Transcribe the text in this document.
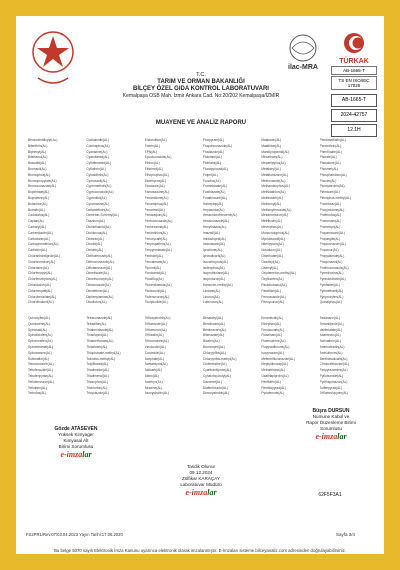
ilac-MRA
TÜRKAK
AB-1665-T
TS EN ISO/IEC 17025
AB-1665-T
2024-42757
12.1H
T.C.
TARIM VE ORMAN BAKANLIĞI
BİLÇEY ÖZEL GIDA KONTROL LABORATUVARI
Kemalpaşa OSB Mah. İzmir Ankara Cad. No:20/202 Kemalpaşa/İZMİR
MUAYENE VE ANALİZ RAPORU
Benzovindiflupyr(AL)
Bifenthrin(AL)
Biphenyl(AL)
Bitertanol(AL)
Boscalid(AL)
Bromacil(AL)
Bromophos(AL)
Bromopropylate(AL)
Bromuconazole(AL)
Bupirimate(AL)
Buprofezin(AL)
Butachlor(AL)
Butralin(AL)
Cadusafos(AL)
Captan(AL)
Carbaryl(AL)
Carbendazim(AL)
Carbofuran(AL)
Carbophenothion(AL)
Carboxin(AL)
Chlorantraniliprole(AL)
Chlorbromuron(AL)
Chlordane(AL)
Chlorfenapyr(AL)
Chlorfenvinphos(AL)
Chloridazon(AL)
Chlormequat(AL)
Chlorobenzilate(AL)
Chlorothalonil(AL)
Clothianidin(AL)
Coumaphos(AL)
Cyanazine(AL)
Cyazofamid(AL)
Cyflufenamid(AL)
Cyfluthrin(AL)
Cyhalothrin(AL)
Cymoxanil(AL)
Cypermethrin(AL)
Cyproconazole(AL)
Cyprodinil(AL)
Cyromazine(AL)
Deltamethrin(AL)
Demeton-S-methyl(AL)
Diazinon(AL)
Dichlofluanid(AL)
Dichlorvos(AL)
Dicloran(AL)
Dicofol(AL)
Dieldrin(AL)
Diethofencarb(AL)
Difenoconazole(AL)
Diflubenzuron(AL)
Dimethoate(AL)
Dimethomorph(AL)
Diniconazole(AL)
Dinotefuran(AL)
Diphenylamine(AL)
Disulfoton(AL)
Endosulfan(AL)
Endrin(AL)
EPN(AL)
Epoxiconazole(AL)
Ethion(AL)
Ethirimol(AL)
Ethoprophos(AL)
Etofenprox(AL)
Etoxazole(AL)
Famoxadone(AL)
Fenamidone(AL)
Fenamiphos(AL)
Fenarimol(AL)
Fenazaquin(AL)
Fenbuconazole(AL)
Fenhexamid(AL)
Fenitrothion(AL)
Fenoxycarb(AL)
Fenpropathrin(AL)
Fenpyroximate(AL)
Fenthion(AL)
Fenvalerate(AL)
Fipronil(AL)
Flonicamid(AL)
Fluazifop(AL)
Flubendiamide(AL)
Fludioxonil(AL)
Flufenoxuron(AL)
Fluopicolide(AL)
Fluopyram(AL)
Fluquinconazole(AL)
Flusilazole(AL)
Flutolanil(AL)
Flutriafol(AL)
Fluxapyroxad(AL)
Folpet(AL)
Fonofos(AL)
Formetanate(AL)
Fosthiazate(AL)
Furathiocarb(AL)
Haloxyfop(AL)
Heptachlor(AL)
Hexachlorobenzene(AL)
Hexaconazole(AL)
Hexythiazox(AL)
Imazalil(AL)
Imidacloprid(AL)
Indoxacarb(AL)
Iprodione(AL)
Iprovalicarb(AL)
Isocarbophos(AL)
Isofenphos(AL)
Isoprothiolane(AL)
Isoproturon(AL)
Kresoxim-methyl(AL)
Lindane(AL)
Linuron(AL)
Lufenuron(AL)
Malaoxon(AL)
Malathion(AL)
Mandipropamid(AL)
Mecarbam(AL)
Mepanipyrim(AL)
Metalaxyl(AL)
Metaflumizone(AL)
Metconazole(AL)
Methamidophos(AL)
Methidathion(AL)
Methiocarb(AL)
Methomyl(AL)
Methoxyfenozide(AL)
Metobromuron(AL)
Metribuzin(AL)
Mevinphos(AL)
Monocrotophos(AL)
Myclobutanil(AL)
Nitenpyram(AL)
Novaluron(AL)
Omethoate(AL)
Oxadixyl(AL)
Oxamyl(AL)
Oxydemeton-methyl(AL)
Oxyfluorfen(AL)
Paclobutrazol(AL)
Parathion(AL)
Penconazole(AL)
Pencycuron(AL)
Pendimethalin(AL)
Permethrin(AL)
Phenthoate(AL)
Phorate(AL)
Phosalone(AL)
Phosmet(AL)
Phosphamidon(AL)
Phoxim(AL)
Picoxystrobin(AL)
Pirimicarb(AL)
Pirimiphos-methyl(AL)
Prochloraz(AL)
Procymidone(AL)
Profenofos(AL)
Promecarb(AL)
Prometryn(AL)
Propamocarb(AL)
Propargite(AL)
Propiconazole(AL)
Propoxur(AL)
Propyzamide(AL)
Proquinazid(AL)
Prothioconazole(AL)
Pymetrozine(AL)
Pyraclostrobin(AL)
Pyridaben(AL)
Pyrimethanil(AL)
Pyriproxyfen(AL)
Quinalphos(AL)
Quinoxyfen(AL)
Quintozene(AL)
Spinosad(AL)
Spirodiclofen(AL)
Spiromesifen(AL)
Spirotetramat(AL)
Spiroxamine(AL)
Sulfoxaflor(AL)
Tebuconazole(AL)
Tebufenozide(AL)
Tebufenpyrad(AL)
Teflubenzuron(AL)
Tefluthrin(AL)
Terbufos(AL)
Tetraconazole(AL)
Tetradifon(AL)
Thiabendazole(AL)
Thiacloprid(AL)
Thiamethoxam(AL)
Thiodicarb(AL)
Thiophanate-methyl(AL)
Tolclofos-methyl(AL)
Tolylfluanid(AL)
Triadimefon(AL)
Triadimenol(AL)
Triazophos(AL)
Trichlorfon(AL)
Tricyclazole(AL)
Trifloxystrobin(AL)
Triflumizole(AL)
Triflumuron(AL)
Trifluralin(AL)
Triticonazole(AL)
Vinclozolin(AL)
Zoxamide(AL)
Acephate(AL)
Acetamiprid(AL)
Aldicarb(AL)
Aldrin(AL)
Ametryn(AL)
Atrazine(AL)
Azoxystrobin(AL)
Benalaxyl(AL)
Bendiocarb(AL)
Benfuracarb(AL)
Bifenazate(AL)
Bixafen(AL)
Bromoxynil(AL)
Chlorpyrifos(AL)
Chlorpyrifos-methyl(AL)
Clofentezine(AL)
Cyantraniliprole(AL)
Cyhalofop-butyl(AL)
Dazomet(AL)
Diafenthiuron(AL)
Dimoxystrobin(AL)
Emamectin(AL)
Ethephon(AL)
Fenobucarb(AL)
Fluazinam(AL)
Fluensulfone(AL)
Flupyradifurone(AL)
Isopyrazam(AL)
Mefentrifluconazole(AL)
Meptyldinocap(AL)
Metrafenone(AL)
Oxathiapiprolin(AL)
Penflufen(AL)
Penthiopyrad(AL)
Pyriofenone(AL)
Sedaxane(AL)
Tetraniliprole(AL)
Valifenalate(AL)
Abamectin(AL)
Acrinathrin(AL)
Ametoctradin(AL)
Amisulbrom(AL)
Benthiavalicarb(AL)
Chromafenozide(AL)
Fenpyrazamine(AL)
Pyflubumide(AL)
Pyrifluquinazon(AL)
Tolfenpyrad(AL)
Triflumezopyrim(AL)
Gözde ATASEVEN
Yüksek Kimyager
Kimyasal Alt
Birimi Sorumlusu
e-imzalar
Büşra DURSUN
Numune Kabul ve
Rapor Düzenleme Birimi
Sorumlusu
e-imzalar
Tasdik Olunur
09.12.2024
Zülfikar KARAÇAY
Laboratuvar Müdürü
e-imzalar	62F5F3A1
FS2PR1/Rev.07/03.04.2023 Yayın Tarihi:17.06.2020	Sayfa 3/4
Bu belge 5070 sayılı Elektronik İmza Kanunu uyarınca elektronik olarak imzalanmıştır. E-İmzaları sisteme.bilceyanaliz.com adresinden doğrulayabilirsiniz.
